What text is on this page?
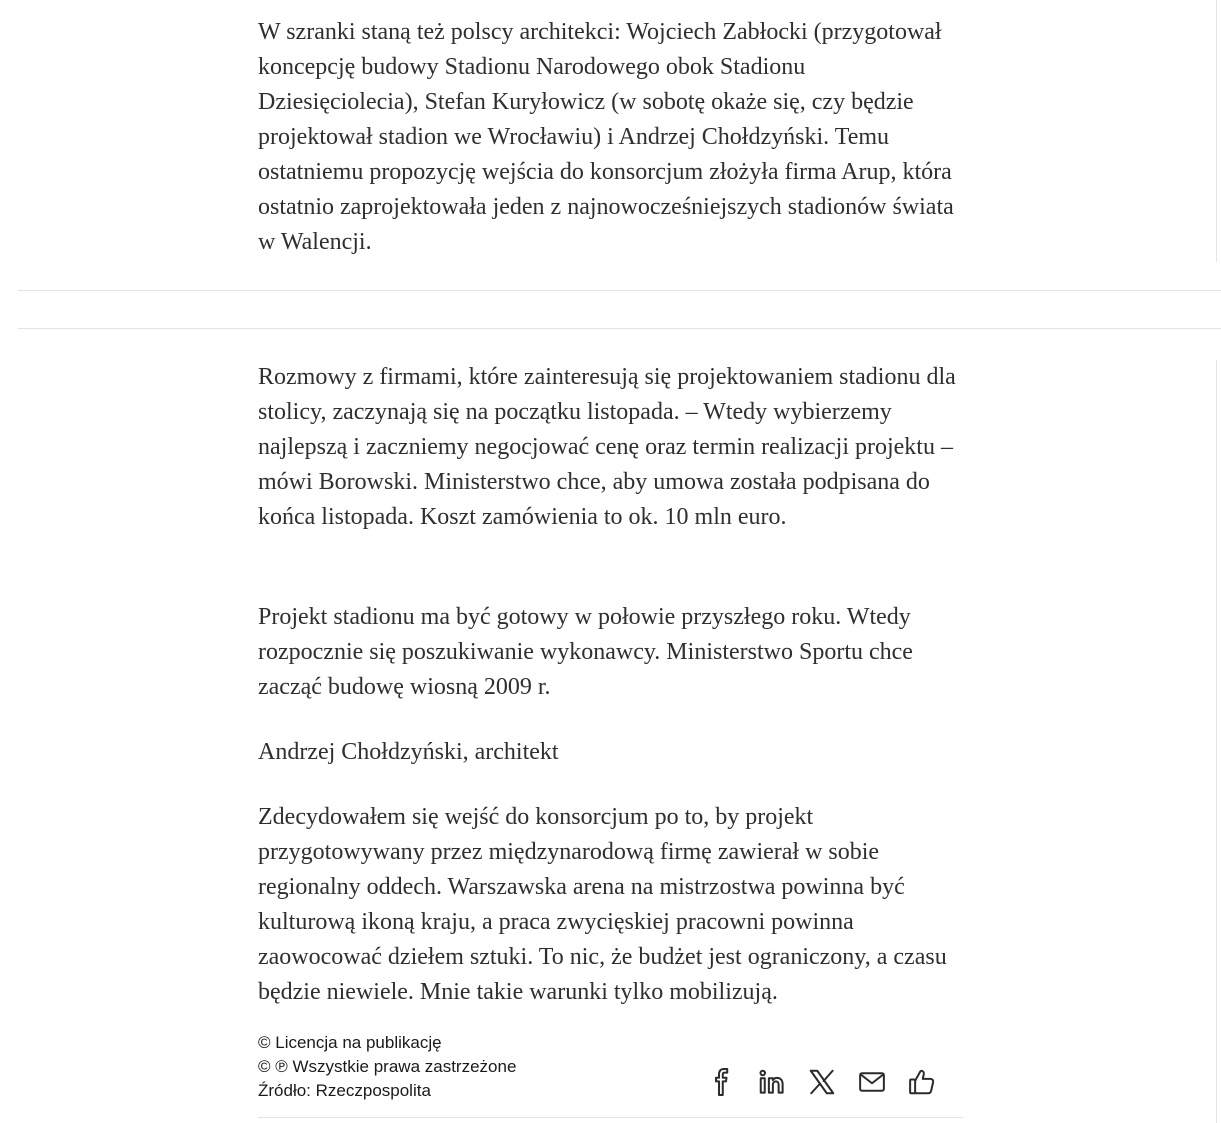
W szranki staną też polscy architekci: Wojciech Zabłocki (przygotował koncepcję budowy Stadionu Narodowego obok Stadionu Dziesięciolecia), Stefan Kuryłowicz (w sobotę okaże się, czy będzie projektował stadion we Wrocławiu) i Andrzej Chołdzyński. Temu ostatniemu propozycję wejścia do konsorcjum złożyła firma Arup, która ostatnio zaprojektowała jeden z najnowocześniejszych stadionów świata w Walencji.

Rozmowy z firmami, które zainteresują się projektowaniem stadionu dla stolicy, zaczynają się na początku listopada. – Wtedy wybierzemy najlepszą i zaczniemy negocjować cenę oraz termin realizacji projektu – mówi Borowski. Ministerstwo chce, aby umowa została podpisana do końca listopada. Koszt zamówienia to ok. 10 mln euro.

Projekt stadionu ma być gotowy w połowie przyszłego roku. Wtedy rozpocznie się poszukiwanie wykonawcy. Ministerstwo Sportu chce zacząć budowę wiosną 2009 r.

Andrzej Chołdzyński, architekt

Zdecydowałem się wejść do konsorcjum po to, by projekt przygotowywany przez międzynarodową firmę zawierał w sobie regionalny oddech. Warszawska arena na mistrzostwa powinna być kulturową ikoną kraju, a praca zwycięskiej pracowni powinna zaowocować dziełem sztuki. To nic, że budżet jest ograniczony, a czasu będzie niewiele. Mnie takie warunki tylko mobilizują.

© Licencja na publikację
© ℗ Wszystkie prawa zastrzeżone
Źródło: Rzeczpospolita
